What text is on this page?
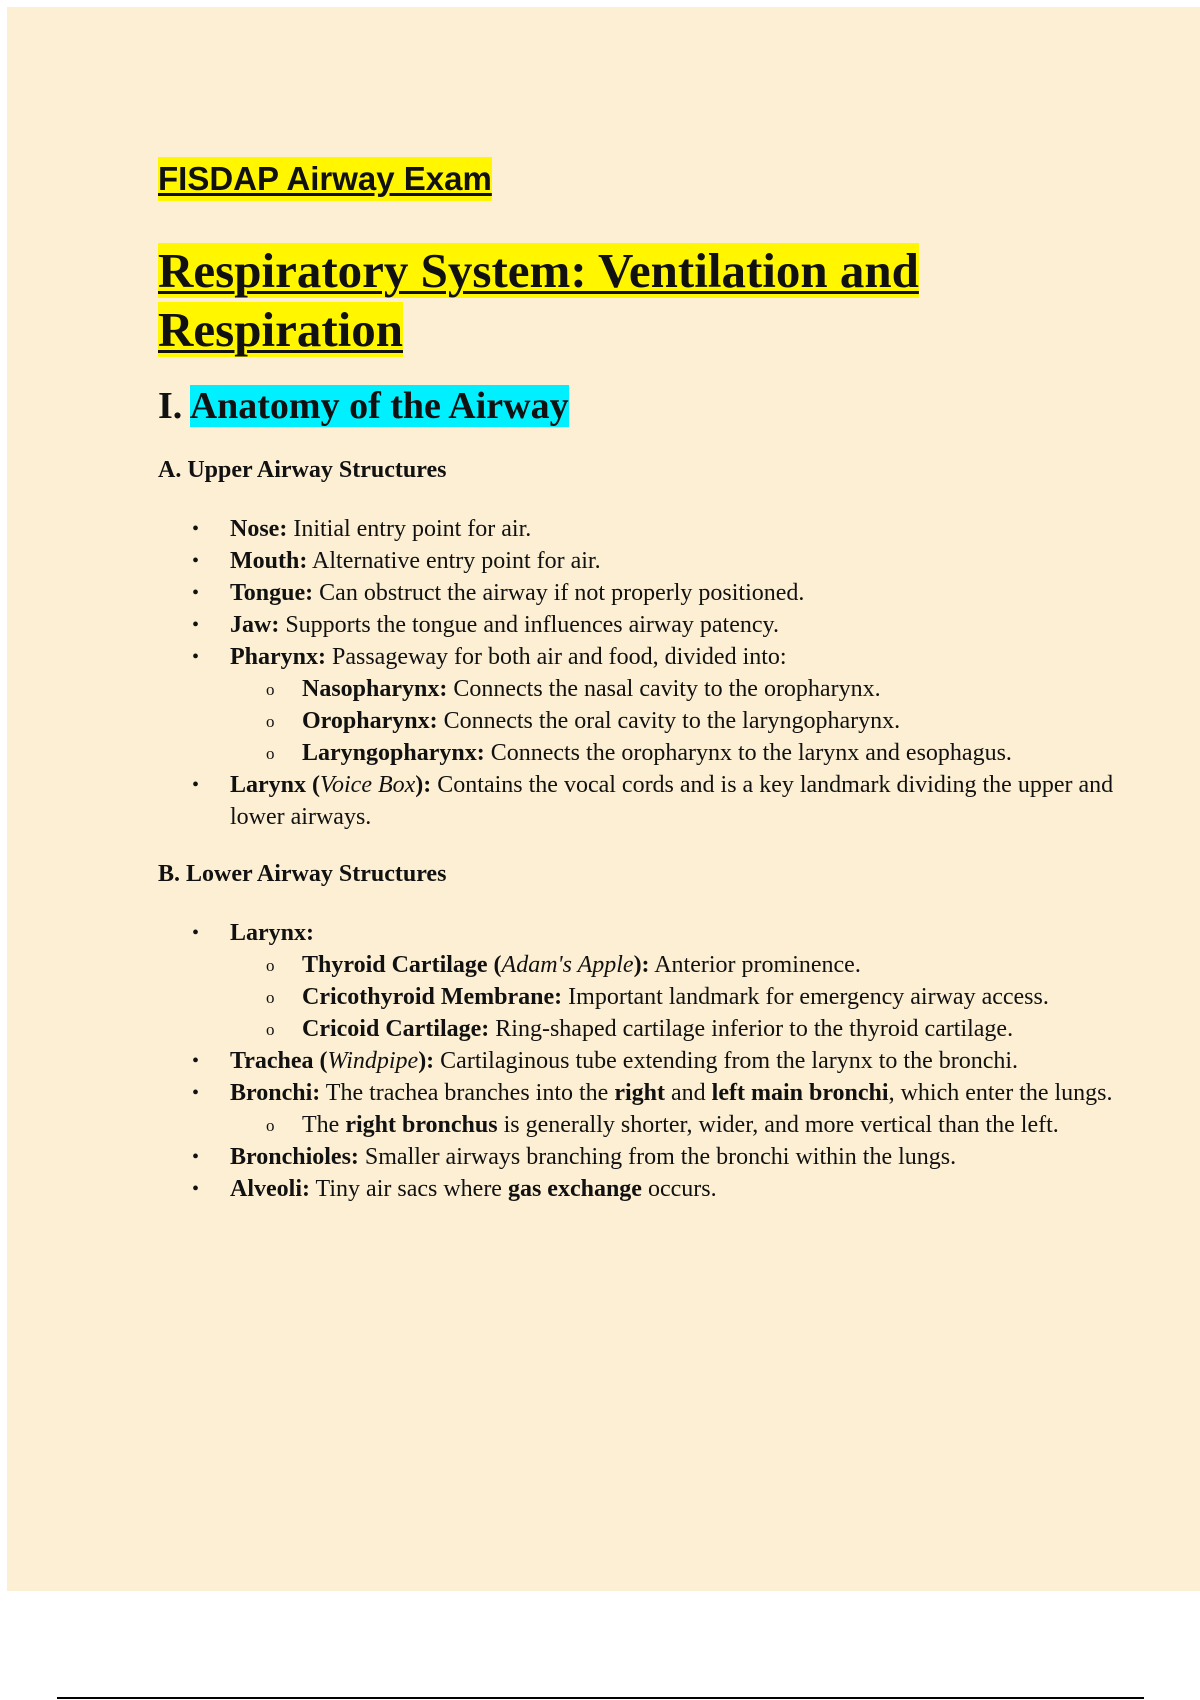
FISDAP Airway Exam
Respiratory System: Ventilation and Respiration
I. Anatomy of the Airway
A. Upper Airway Structures
• Nose: Initial entry point for air.
• Mouth: Alternative entry point for air.
• Tongue: Can obstruct the airway if not properly positioned.
• Jaw: Supports the tongue and influences airway patency.
• Pharynx: Passageway for both air and food, divided into:
o Nasopharynx: Connects the nasal cavity to the oropharynx.
o Oropharynx: Connects the oral cavity to the laryngopharynx.
o Laryngopharynx: Connects the oropharynx to the larynx and esophagus.
• Larynx (Voice Box): Contains the vocal cords and is a key landmark dividing the upper and lower airways.
B. Lower Airway Structures
• Larynx:
o Thyroid Cartilage (Adam's Apple): Anterior prominence.
o Cricothyroid Membrane: Important landmark for emergency airway access.
o Cricoid Cartilage: Ring-shaped cartilage inferior to the thyroid cartilage.
• Trachea (Windpipe): Cartilaginous tube extending from the larynx to the bronchi.
• Bronchi: The trachea branches into the right and left main bronchi, which enter the lungs.
o The right bronchus is generally shorter, wider, and more vertical than the left.
• Bronchioles: Smaller airways branching from the bronchi within the lungs.
• Alveoli: Tiny air sacs where gas exchange occurs.
